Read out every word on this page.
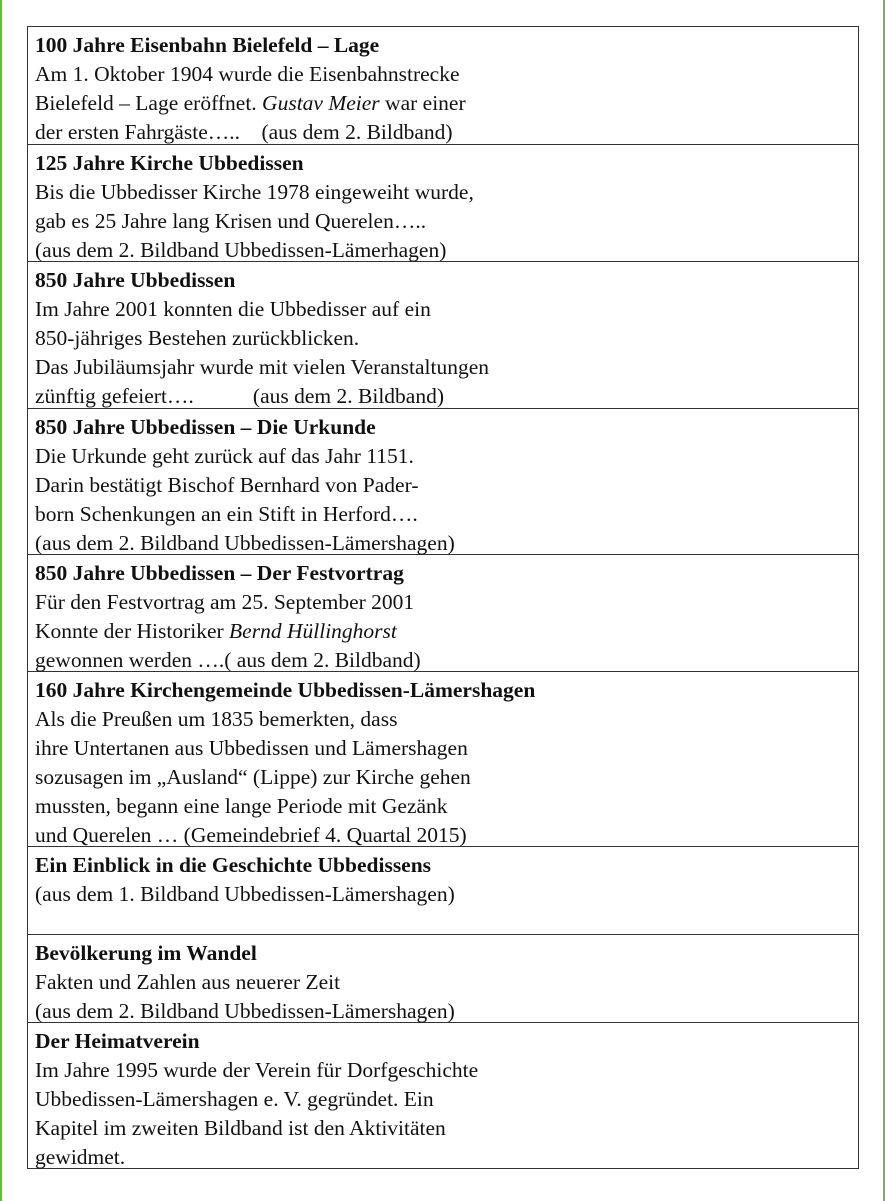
100 Jahre Eisenbahn Bielefeld – Lage
Am 1. Oktober 1904 wurde die Eisenbahnstrecke
Bielefeld – Lage eröffnet. Gustav Meier war einer
der ersten Fahrgäste…..    (aus dem 2. Bildband)
125 Jahre Kirche Ubbedissen
Bis die Ubbedisser Kirche 1978 eingeweiht wurde,
gab es 25 Jahre lang Krisen und Querelen…..
(aus dem 2. Bildband Ubbedissen-Lämerhagen)
850 Jahre Ubbedissen
Im Jahre 2001 konnten die Ubbedisser auf ein
850-jähriges Bestehen zurückblicken.
Das Jubiläumsjahr wurde mit vielen Veranstaltungen
zünftig gefeiert….           (aus dem 2. Bildband)
850 Jahre Ubbedissen – Die Urkunde
Die Urkunde geht zurück auf das Jahr 1151.
Darin bestätigt Bischof Bernhard von Pader-
born Schenkungen an ein Stift in Herford….
(aus dem 2. Bildband Ubbedissen-Lämershagen)
850 Jahre Ubbedissen – Der Festvortrag
Für den Festvortrag am 25. September 2001
Konnte der Historiker Bernd Hüllinghorst
gewonnen werden ….( aus dem 2. Bildband)
160 Jahre Kirchengemeinde Ubbedissen-Lämershagen
Als die Preußen um 1835 bemerkten, dass
ihre Untertanen aus Ubbedissen und Lämershagen
sozusagen im „Ausland“ (Lippe) zur Kirche gehen
mussten, begann eine lange Periode mit Gezänk
und Querelen … (Gemeindebrief 4. Quartal 2015)
Ein Einblick in die Geschichte Ubbedissens
(aus dem 1. Bildband Ubbedissen-Lämershagen)
Bevölkerung im Wandel
Fakten und Zahlen aus neuerer Zeit
(aus dem 2. Bildband Ubbedissen-Lämershagen)
Der Heimatverein
Im Jahre 1995 wurde der Verein für Dorfgeschichte
Ubbedissen-Lämershagen e. V. gegründet. Ein
Kapitel im zweiten Bildband ist den Aktivitäten
gewidmet.
